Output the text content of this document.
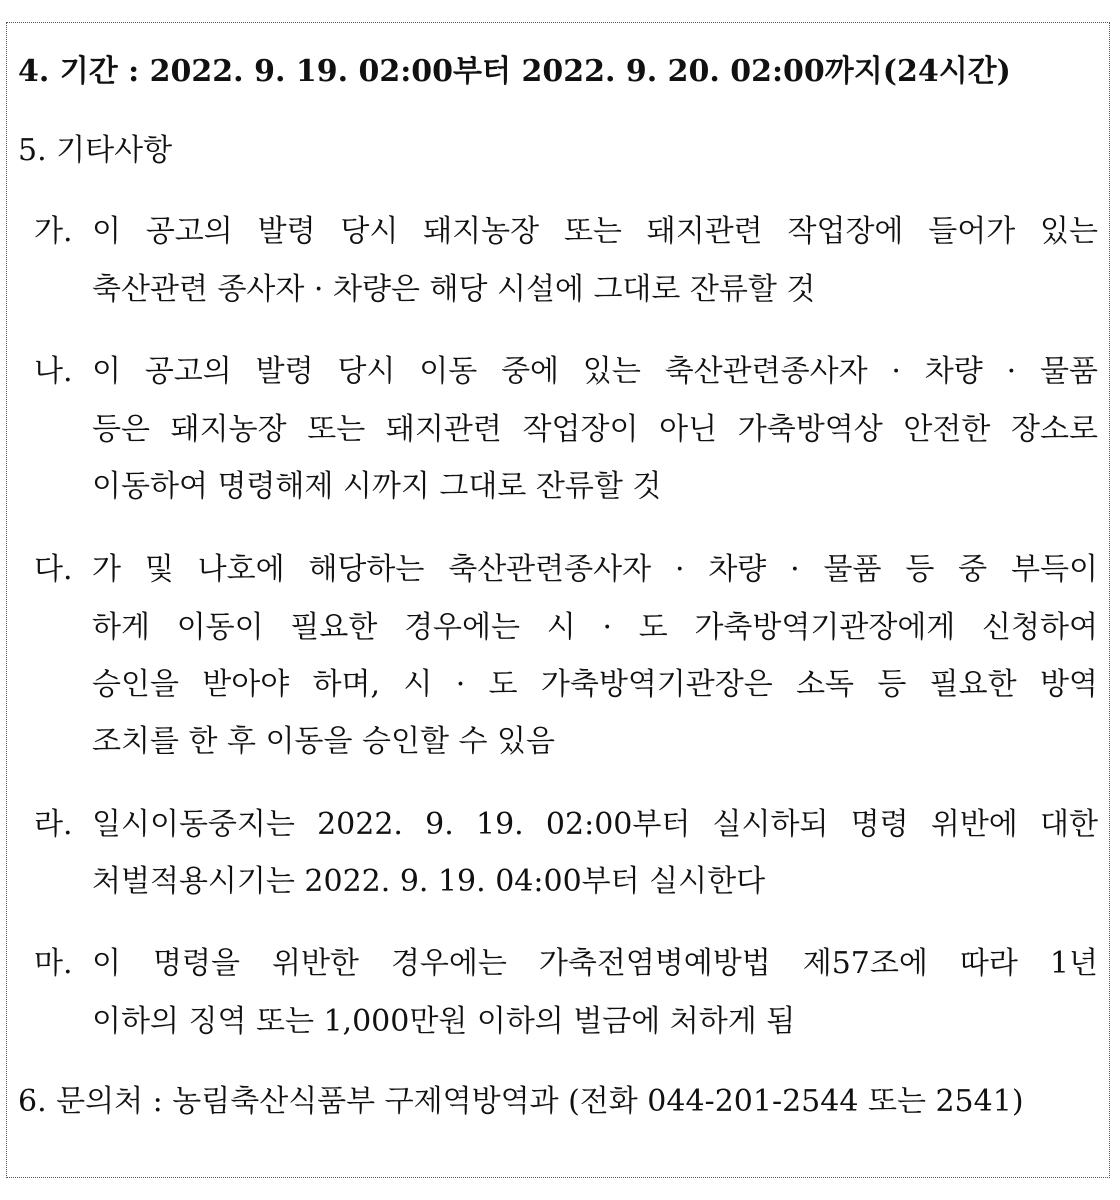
4. 기간 : 2022. 9. 19. 02:00부터 2022. 9. 20. 02:00까지(24시간)
5. 기타사항
가. 이 공고의 발령 당시 돼지농장 또는 돼지관련 작업장에 들어가 있는
축산관련 종사자 · 차량은 해당 시설에 그대로 잔류할 것
나. 이 공고의 발령 당시 이동 중에 있는 축산관련종사자 · 차량 · 물품
등은 돼지농장 또는 돼지관련 작업장이 아닌 가축방역상 안전한 장소로
이동하여 명령해제 시까지 그대로 잔류할 것
다. 가 및 나호에 해당하는 축산관련종사자 · 차량 · 물품 등 중 부득이
하게 이동이 필요한 경우에는 시 · 도 가축방역기관장에게 신청하여
승인을 받아야 하며, 시 · 도 가축방역기관장은 소독 등 필요한 방역
조치를 한 후 이동을 승인할 수 있음
라. 일시이동중지는 2022. 9. 19. 02:00부터 실시하되 명령 위반에 대한
처벌적용시기는 2022. 9. 19. 04:00부터 실시한다
마. 이 명령을 위반한 경우에는 가축전염병예방법 제57조에 따라 1년
이하의 징역 또는 1,000만원 이하의 벌금에 처하게 됨
6. 문의처 : 농림축산식품부 구제역방역과 (전화 044-201-2544 또는 2541)
